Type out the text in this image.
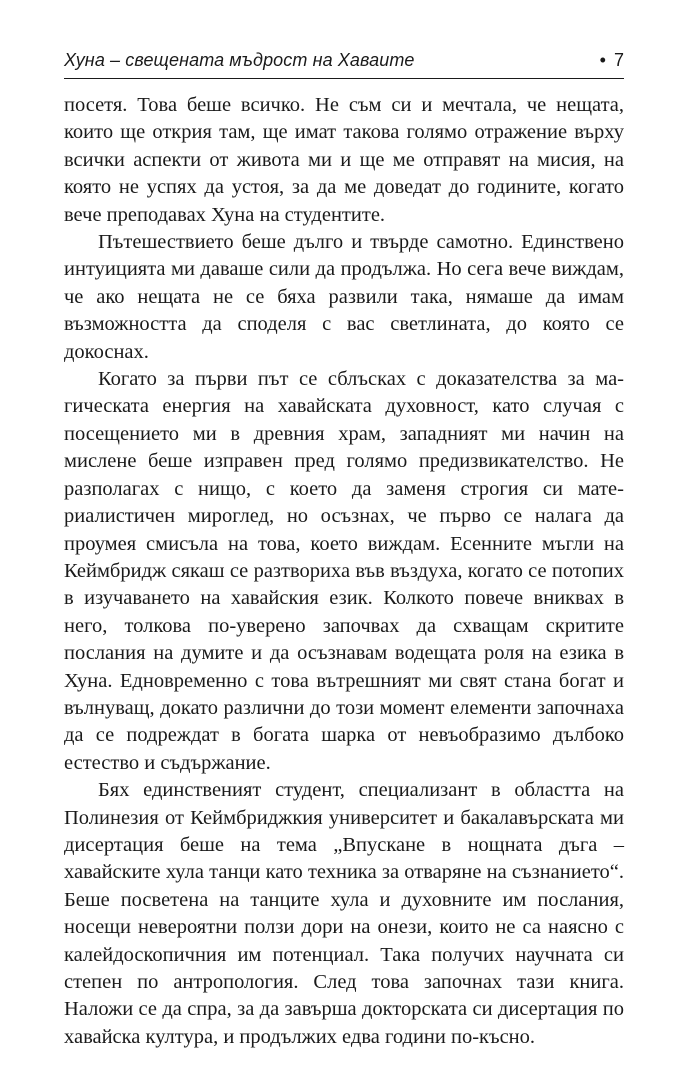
Хуна – свещената мъдрост на Хаваите	• 7

посетя. Това беше всичко. Не съм си и мечтала, че нещата, които ще открия там, ще имат такова голямо отражение върху всички аспекти от живота ми и ще ме отправят на мисия, на която не успях да устоя, за да ме доведат до годините, когато вече преподавах Хуна на студентите.

Пътешествието беше дълго и твърде самотно. Единствено интуицията ми даваше сили да продължа. Но сега вече виждам, че ако нещата не се бяха развили така, нямаше да имам възможността да споделя с вас светлината, до която се докоснах.

Когато за първи път се сблъсках с доказателства за магическата енергия на хавайската духовност, като случая с посещението ми в древния храм, западният ми начин на мислене беше изправен пред голямо предизвикателство. Не разполагах с нищо, с което да заменя строгия си материалистичен мироглед, но осъзнах, че първо се налага да проумея смисъла на това, което виждам. Есенните мъгли на Кеймбридж сякаш се разтвориха във въздуха, когато се потопих в изучаването на хавайския език. Колкото повече вниквах в него, толкова по-уверено започвах да схващам скритите послания на думите и да осъзнавам водещата роля на езика в Хуна. Едновременно с това вътрешният ми свят стана богат и вълнуващ, докато различни до този момент елементи започнаха да се подреждат в богата шарка от невъобразимо дълбоко естество и съдържание.

Бях единственият студент, специализант в областта на Полинезия от Кеймбриджкия университет и бакалавърската ми дисертация беше на тема „Впускане в нощната дъга – хавайските хула танци като техника за отваряне на съзнанието“. Беше посветена на танците хула и духовните им послания, носещи невероятни ползи дори на онези, които не са наясно с калейдоскопичния им потенциал. Така получих научната си степен по антропология. След това започнах тази книга. Наложи се да спра, за да завърша докторската си дисертация по хавайска култура, и продължих едва години по-късно.
